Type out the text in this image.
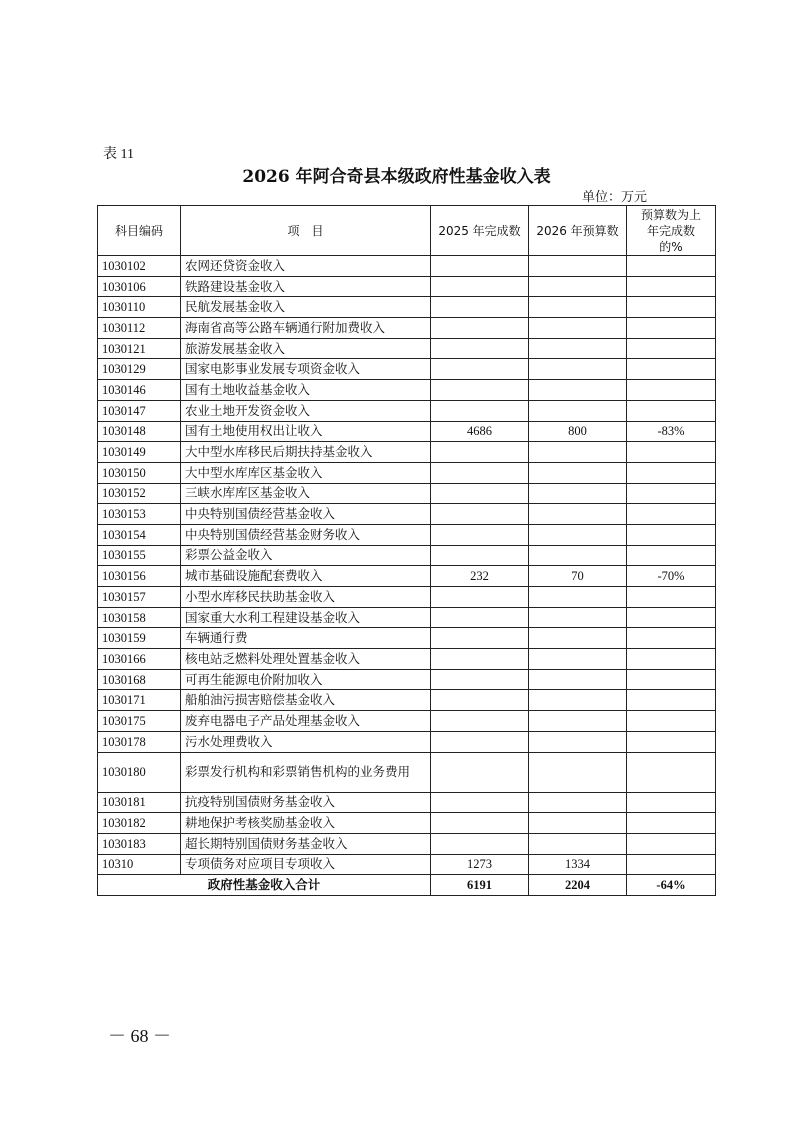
表 11
2026 年阿合奇县本级政府性基金收入表
单位：万元
科目编码	项　目	2025 年完成数	2026 年预算数	预算数为上年完成数的%
1030102	农网还贷资金收入			
1030106	铁路建设基金收入			
1030110	民航发展基金收入			
1030112	海南省高等公路车辆通行附加费收入			
1030121	旅游发展基金收入			
1030129	国家电影事业发展专项资金收入			
1030146	国有土地收益基金收入			
1030147	农业土地开发资金收入			
1030148	国有土地使用权出让收入	4686	800	-83%
1030149	大中型水库移民后期扶持基金收入			
1030150	大中型水库库区基金收入			
1030152	三峡水库库区基金收入			
1030153	中央特别国债经营基金收入			
1030154	中央特别国债经营基金财务收入			
1030155	彩票公益金收入			
1030156	城市基础设施配套费收入	232	70	-70%
1030157	小型水库移民扶助基金收入			
1030158	国家重大水利工程建设基金收入			
1030159	车辆通行费			
1030166	核电站乏燃料处理处置基金收入			
1030168	可再生能源电价附加收入			
1030171	船舶油污损害赔偿基金收入			
1030175	废弃电器电子产品处理基金收入			
1030178	污水处理费收入			
1030180	彩票发行机构和彩票销售机构的业务费用			
1030181	抗疫特别国债财务基金收入			
1030182	耕地保护考核奖励基金收入			
1030183	超长期特别国债财务基金收入			
10310	专项债务对应项目专项收入	1273	1334	
政府性基金收入合计		6191	2204	-64%
－ 68 －
